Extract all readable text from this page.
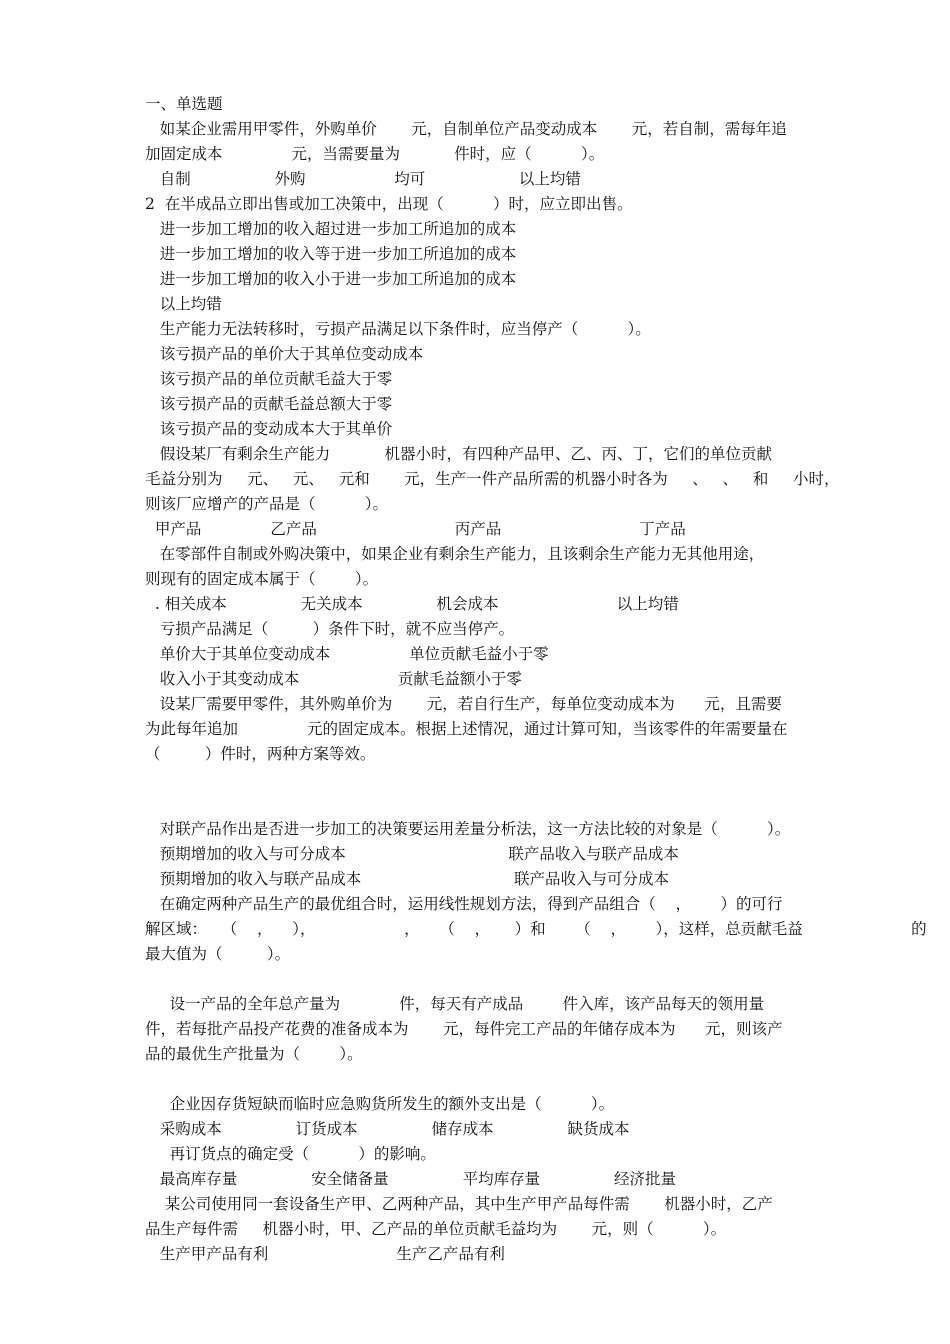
一、单选题
如某企业需用甲零件，外购单价       元，自制单位产品变动成本       元，若自制，需每年追
加固定成本              元，当需要量为           件时，应（          ）。
自制                 外购                  均可                   以上均错
2  在半成品立即出售或加工决策中，出现（          ）时，应立即出售。
进一步加工增加的收入超过进一步加工所追加的成本
进一步加工增加的收入等于进一步加工所追加的成本
进一步加工增加的收入小于进一步加工所追加的成本
以上均错
生产能力无法转移时，亏损产品满足以下条件时，应当停产（          ）。
该亏损产品的单价大于其单位变动成本
该亏损产品的单位贡献毛益大于零
该亏损产品的贡献毛益总额大于零
该亏损产品的变动成本大于其单价
假设某厂有剩余生产能力           机器小时，有四种产品甲、乙、丙、丁，它们的单位贡献
毛益分别为     元、   元、   元和       元，生产一件产品所需的机器小时各为     、   、   和     小时，
则该厂应增产的产品是（          ）。
甲产品              乙产品                            丙产品                            丁产品
在零部件自制或外购决策中，如果企业有剩余生产能力，且该剩余生产能力无其他用途，
则现有的固定成本属于（        ）。
. 相关成本               无关成本               机会成本                        以上均错
亏损产品满足（         ）条件下时，就不应当停产。
单价大于其单位变动成本                单位贡献毛益小于零
收入小于其变动成本                    贡献毛益额小于零
设某厂需要甲零件，其外购单价为       元，若自行生产，每单位变动成本为      元，且需要
为此每年追加              元的固定成本。根据上述情况，通过计算可知，当该零件的年需要量在
（         ）件时，两种方案等效。
对联产品作出是否进一步加工的决策要运用差量分析法，这一方法比较的对象是（          ）。
预期增加的收入与可分成本                                 联产品收入与联产品成本
预期增加的收入与联产品成本                               联产品收入与可分成本
在确定两种产品生产的最优组合时，运用线性规划方法，得到产品组合（    ，      ）的可行
解区域：   （    ，    ），                  ，    （    ，     ）和      （    ，      ），这样，总贡献毛益                      的
最大值为（         ）。
设一产品的全年总产量为            件，每天有产成品        件入库，该产品每天的领用量
件，若每批产品投产花费的准备成本为       元，每件完工产品的年储存成本为      元，则该产
品的最优生产批量为（        ）。
企业因存货短缺而临时应急购货所发生的额外支出是（          ）。
采购成本               订货成本               储存成本               缺货成本
再订货点的确定受（          ）的影响。
最高库存量               安全储备量               平均库存量               经济批量
某公司使用同一套设备生产甲、乙两种产品，其中生产甲产品每件需       机器小时，乙产
品生产每件需     机器小时，甲、乙产品的单位贡献毛益均为       元，则（          ）。
生产甲产品有利                          生产乙产品有利
